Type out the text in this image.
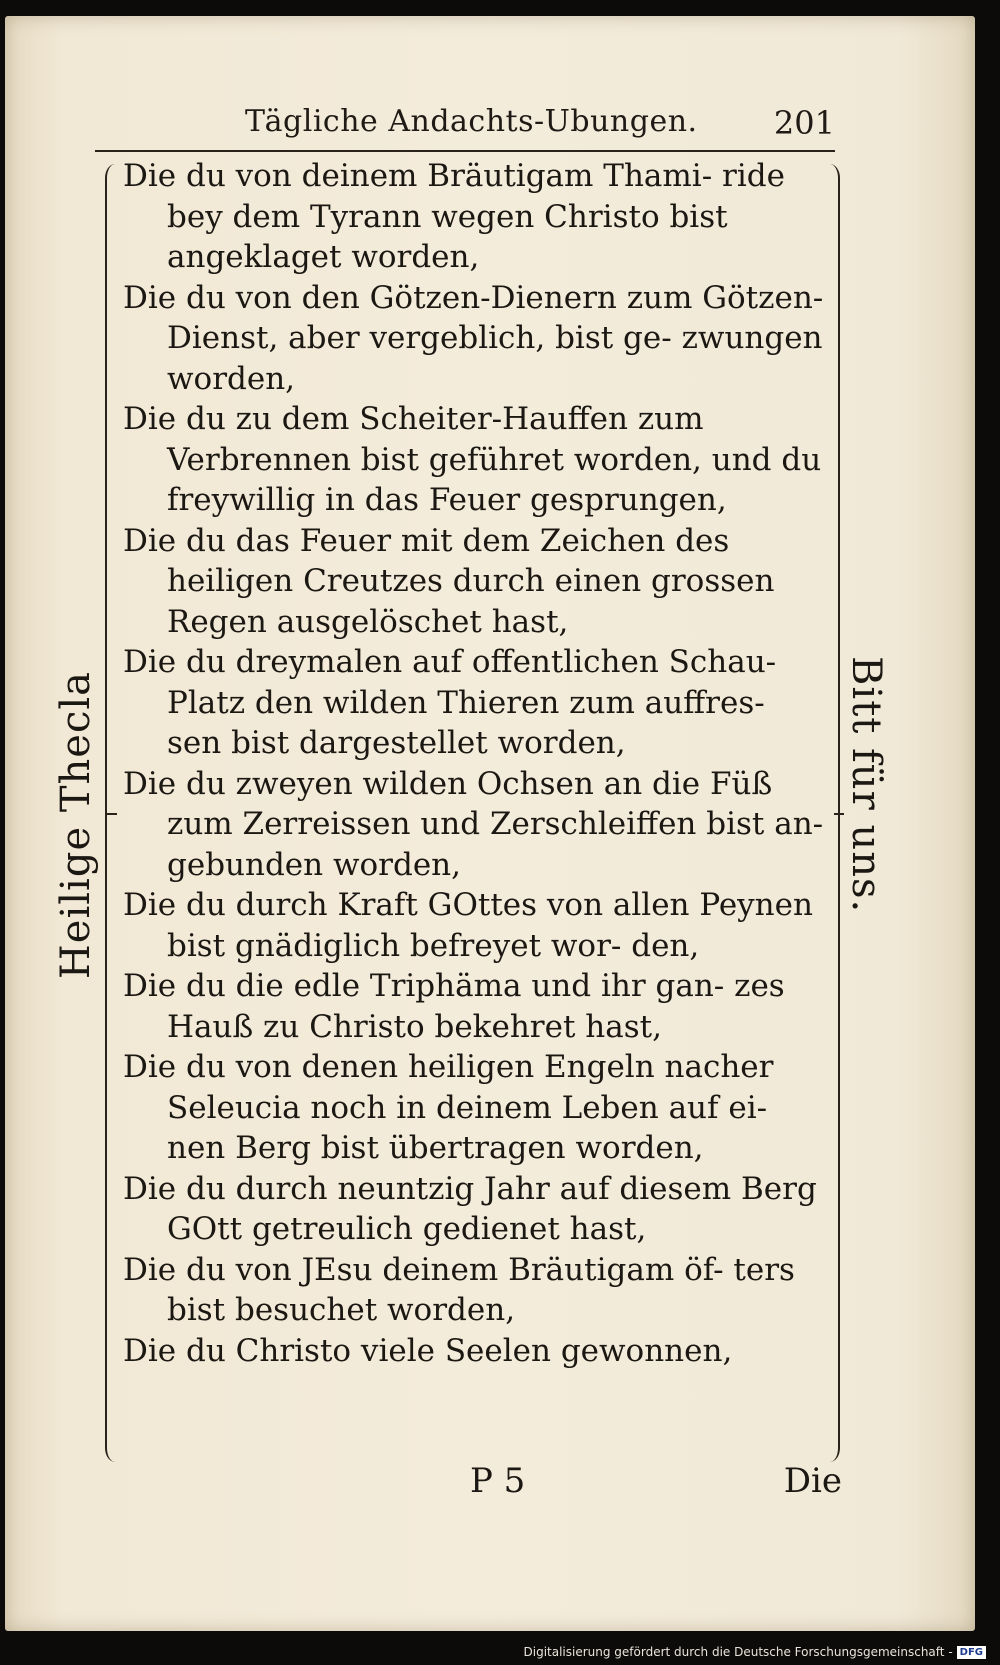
Tägliche Andachts-Ubungen. 201
Heilige Thecla	Bitt für uns.

Die du von deinem Bräutigam Thami- ride bey dem Tyrann wegen Christo bist angeklaget worden,

Die du von den Götzen-Dienern zum Götzen-Dienst, aber vergeblich, bist ge- zwungen worden,

Die du zu dem Scheiter-Hauffen zum Verbrennen bist geführet worden, und du freywillig in das Feuer gesprungen,

Die du das Feuer mit dem Zeichen des heiligen Creutzes durch einen grossen Regen ausgelöschet hast,

Die du dreymalen auf offentlichen Schau- Platz den wilden Thieren zum auffres- sen bist dargestellet worden,

Die du zweyen wilden Ochsen an die Füß zum Zerreissen und Zerschleiffen bist an- gebunden worden,

Die du durch Kraft GOttes von allen Peynen bist gnädiglich befreyet wor- den,

Die du die edle Triphäma und ihr gan- zes Hauß zu Christo bekehret hast,

Die du von denen heiligen Engeln nacher Seleucia noch in deinem Leben auf ei- nen Berg bist übertragen worden,

Die du durch neuntzig Jahr auf diesem Berg GOtt getreulich gedienet hast,

Die du von JEsu deinem Bräutigam öf- ters bist besuchet worden,

Die du Christo viele Seelen gewonnen,

P 5	Die
Digitalisierung gefördert durch die Deutsche Forschungsgemeinschaft - DFG
